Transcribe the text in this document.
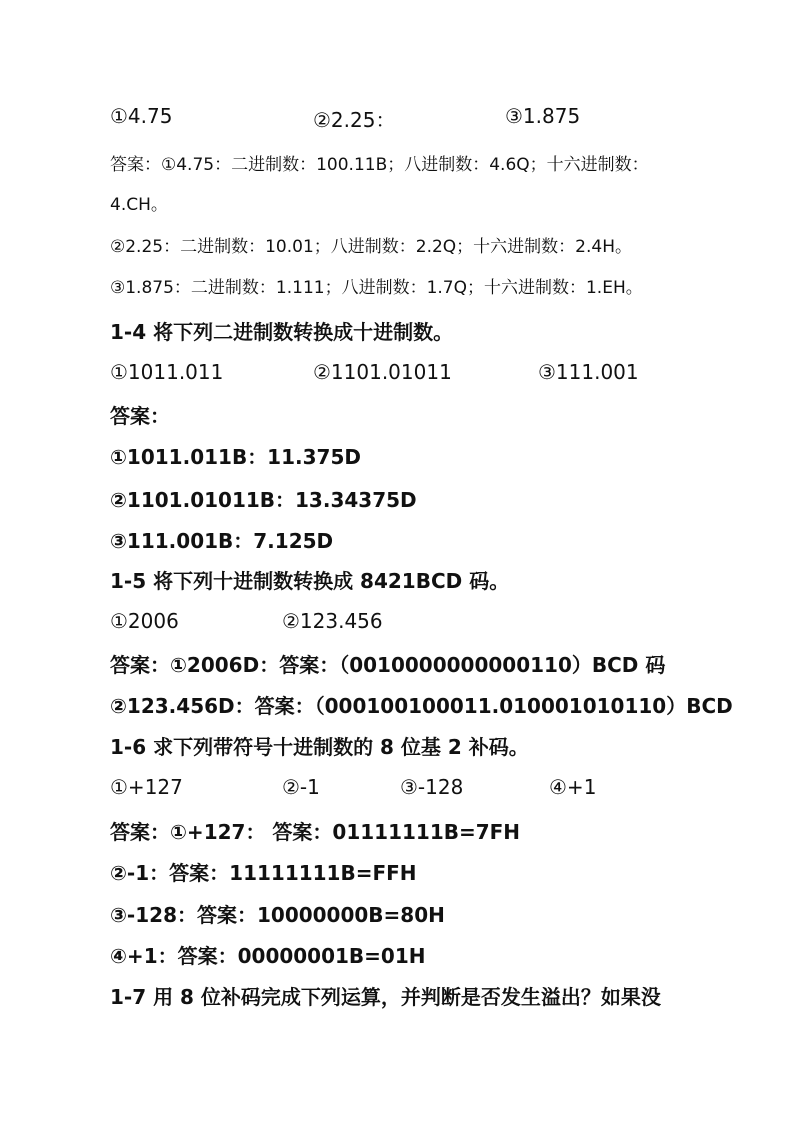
①4.75	②2.25：	③1.875
答案：①4.75：二进制数：100.11B；八进制数：4.6Q；十六进制数：
4.CH。
②2.25：二进制数：10.01；八进制数：2.2Q；十六进制数：2.4H。
③1.875：二进制数：1.111；八进制数：1.7Q；十六进制数：1.EH。
1-4 将下列二进制数转换成十进制数。
①1011.011	②1101.01011	③111.001
答案：
①1011.011B：11.375D
②1101.01011B：13.34375D
③111.001B：7.125D
1-5 将下列十进制数转换成 8421BCD 码。
①2006	②123.456
答案：①2006D：答案：（0010000000000110）BCD 码
②123.456D：答案：（000100100011.010001010110）BCD
1-6 求下列带符号十进制数的 8 位基 2 补码。
①+127	②-1	③-128	④+1
答案：①+127： 答案：01111111B=7FH
②-1：答案：11111111B=FFH
③-128：答案：10000000B=80H
④+1：答案：00000001B=01H
1-7 用 8 位补码完成下列运算，并判断是否发生溢出？如果没
